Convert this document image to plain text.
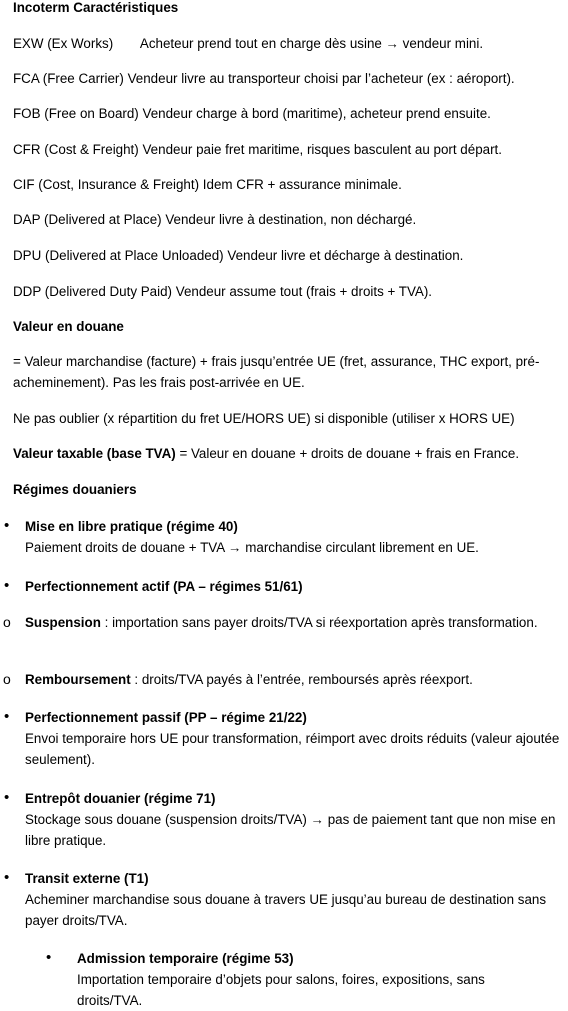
Incoterm Caractéristiques
EXW (Ex Works) Acheteur prend tout en charge dès usine → vendeur mini.
FCA (Free Carrier) Vendeur livre au transporteur choisi par l’acheteur (ex : aéroport).
FOB (Free on Board) Vendeur charge à bord (maritime), acheteur prend ensuite.
CFR (Cost & Freight) Vendeur paie fret maritime, risques basculent au port départ.
CIF (Cost, Insurance & Freight) Idem CFR + assurance minimale.
DAP (Delivered at Place) Vendeur livre à destination, non déchargé.
DPU (Delivered at Place Unloaded) Vendeur livre et décharge à destination.
DDP (Delivered Duty Paid) Vendeur assume tout (frais + droits + TVA).
Valeur en douane
= Valeur marchandise (facture) + frais jusqu’entrée UE (fret, assurance, THC export, pré-acheminement). Pas les frais post-arrivée en UE.
Ne pas oublier (x répartition du fret UE/HORS UE) si disponible (utiliser x HORS UE)
Valeur taxable (base TVA) = Valeur en douane + droits de douane + frais en France.
Régimes douaniers
• Mise en libre pratique (régime 40)
Paiement droits de douane + TVA → marchandise circulant librement en UE.
• Perfectionnement actif (PA – régimes 51/61)
o Suspension : importation sans payer droits/TVA si réexportation après transformation.
o Remboursement : droits/TVA payés à l’entrée, remboursés après réexport.
• Perfectionnement passif (PP – régime 21/22)
Envoi temporaire hors UE pour transformation, réimport avec droits réduits (valeur ajoutée seulement).
• Entrepôt douanier (régime 71)
Stockage sous douane (suspension droits/TVA) → pas de paiement tant que non mise en libre pratique.
• Transit externe (T1)
Acheminer marchandise sous douane à travers UE jusqu’au bureau de destination sans payer droits/TVA.
• Admission temporaire (régime 53)
Importation temporaire d’objets pour salons, foires, expositions, sans droits/TVA.
